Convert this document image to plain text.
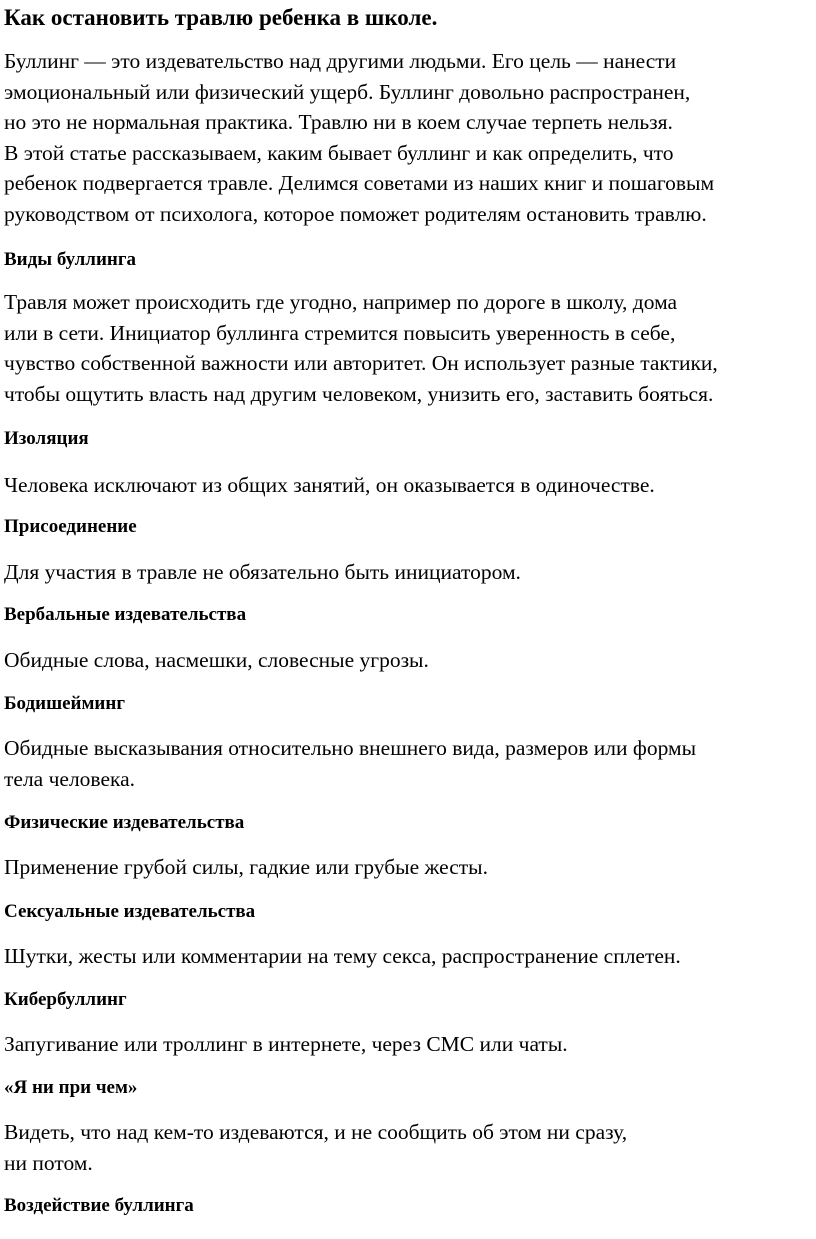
Как остановить травлю ребенка в школе.

Буллинг — это издевательство над другими людьми. Его цель — нанести
эмоциональный или физический ущерб. Буллинг довольно распространен,
но это не нормальная практика. Травлю ни в коем случае терпеть нельзя.
В этой статье рассказываем, каким бывает буллинг и как определить, что
ребенок подвергается травле. Делимся советами из наших книг и пошаговым
руководством от психолога, которое поможет родителям остановить травлю.

Виды буллинга

Травля может происходить где угодно, например по дороге в школу, дома
или в сети. Инициатор буллинга стремится повысить уверенность в себе,
чувство собственной важности или авторитет. Он использует разные тактики,
чтобы ощутить власть над другим человеком, унизить его, заставить бояться.

Изоляция

Человека исключают из общих занятий, он оказывается в одиночестве.

Присоединение

Для участия в травле не обязательно быть инициатором.

Вербальные издевательства

Обидные слова, насмешки, словесные угрозы.

Бодишейминг

Обидные высказывания относительно внешнего вида, размеров или формы
тела человека.

Физические издевательства

Применение грубой силы, гадкие или грубые жесты.

Сексуальные издевательства

Шутки, жесты или комментарии на тему секса, распространение сплетен.

Кибербуллинг

Запугивание или троллинг в интернете, через СМС или чаты.

«Я ни при чем»

Видеть, что над кем-то издеваются, и не сообщить об этом ни сразу,
ни потом.

Воздействие буллинга
